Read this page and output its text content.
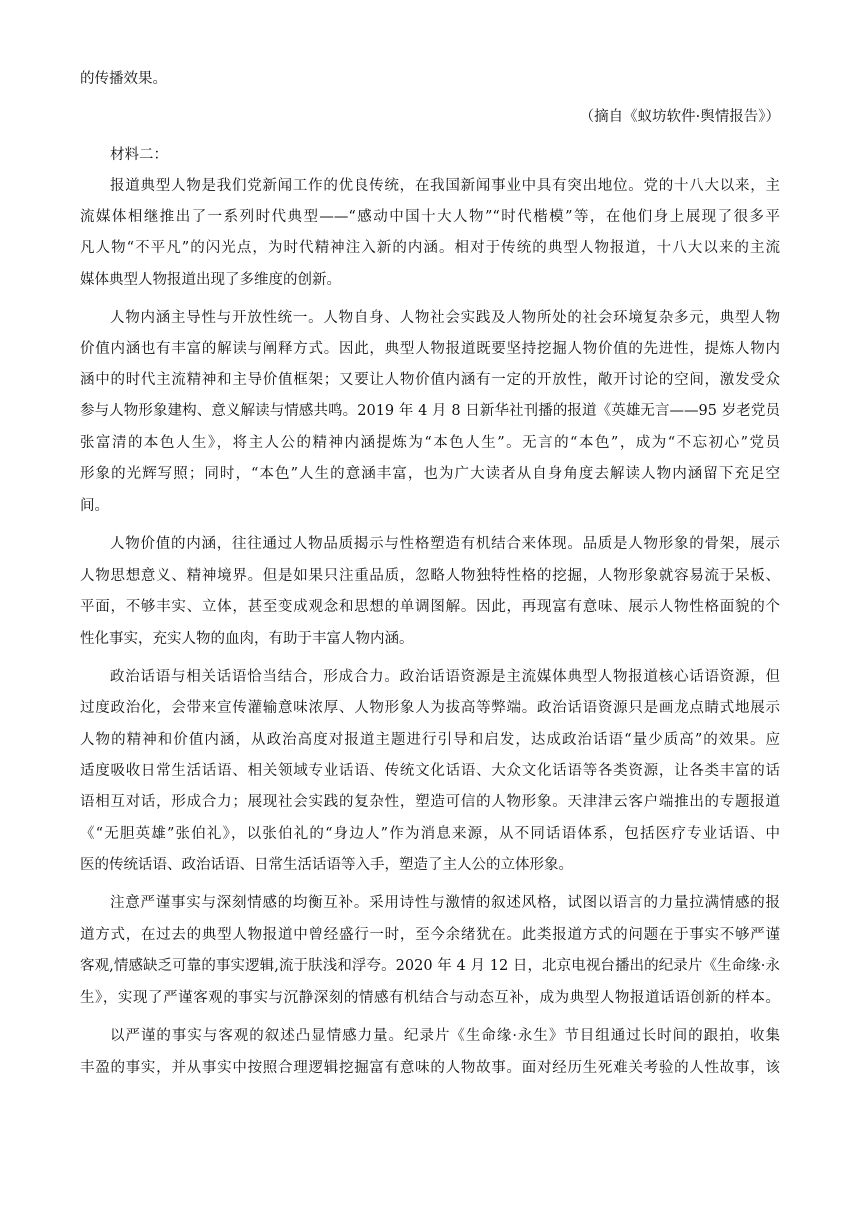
的传播效果。
（摘自《蚁坊软件·舆情报告》）
材料二：
报道典型人物是我们党新闻工作的优良传统，在我国新闻事业中具有突出地位。党的十八大以来，主
流媒体相继推出了一系列时代典型——“感动中国十大人物”“时代楷模”等，在他们身上展现了很多平
凡人物“不平凡”的闪光点，为时代精神注入新的内涵。相对于传统的典型人物报道，十八大以来的主流
媒体典型人物报道出现了多维度的创新。
人物内涵主导性与开放性统一。人物自身、人物社会实践及人物所处的社会环境复杂多元，典型人物
价值内涵也有丰富的解读与阐释方式。因此，典型人物报道既要坚持挖掘人物价值的先进性，提炼人物内
涵中的时代主流精神和主导价值框架；又要让人物价值内涵有一定的开放性，敞开讨论的空间，激发受众
参与人物形象建构、意义解读与情感共鸣。2019 年 4 月 8 日新华社刊播的报道《英雄无言——95 岁老党员
张富清的本色人生》，将主人公的精神内涵提炼为“本色人生”。无言的“本色”，成为“不忘初心”党员
形象的光辉写照；同时，“本色”人生的意涵丰富，也为广大读者从自身角度去解读人物内涵留下充足空
间。
人物价值的内涵，往往通过人物品质揭示与性格塑造有机结合来体现。品质是人物形象的骨架，展示
人物思想意义、精神境界。但是如果只注重品质，忽略人物独特性格的挖掘，人物形象就容易流于呆板、
平面，不够丰实、立体，甚至变成观念和思想的单调图解。因此，再现富有意味、展示人物性格面貌的个
性化事实，充实人物的血肉，有助于丰富人物内涵。
政治话语与相关话语恰当结合，形成合力。政治话语资源是主流媒体典型人物报道核心话语资源，但
过度政治化，会带来宣传灌输意味浓厚、人物形象人为拔高等弊端。政治话语资源只是画龙点睛式地展示
人物的精神和价值内涵，从政治高度对报道主题进行引导和启发，达成政治话语“量少质高”的效果。应
适度吸收日常生活话语、相关领域专业话语、传统文化话语、大众文化话语等各类资源，让各类丰富的话
语相互对话，形成合力；展现社会实践的复杂性，塑造可信的人物形象。天津津云客户端推出的专题报道
《“无胆英雄”张伯礼》，以张伯礼的“身边人”作为消息来源，从不同话语体系，包括医疗专业话语、中
医的传统话语、政治话语、日常生活话语等入手，塑造了主人公的立体形象。
注意严谨事实与深刻情感的均衡互补。采用诗性与激情的叙述风格，试图以语言的力量拉满情感的报
道方式，在过去的典型人物报道中曾经盛行一时，至今余绪犹在。此类报道方式的问题在于事实不够严谨
客观,情感缺乏可靠的事实逻辑,流于肤浅和浮夸。2020 年 4 月 12 日，北京电视台播出的纪录片《生命缘·永
生》，实现了严谨客观的事实与沉静深刻的情感有机结合与动态互补，成为典型人物报道话语创新的样本。
以严谨的事实与客观的叙述凸显情感力量。纪录片《生命缘·永生》节目组通过长时间的跟拍，收集
丰盈的事实，并从事实中按照合理逻辑挖掘富有意味的人物故事。面对经历生死难关考验的人性故事，该
